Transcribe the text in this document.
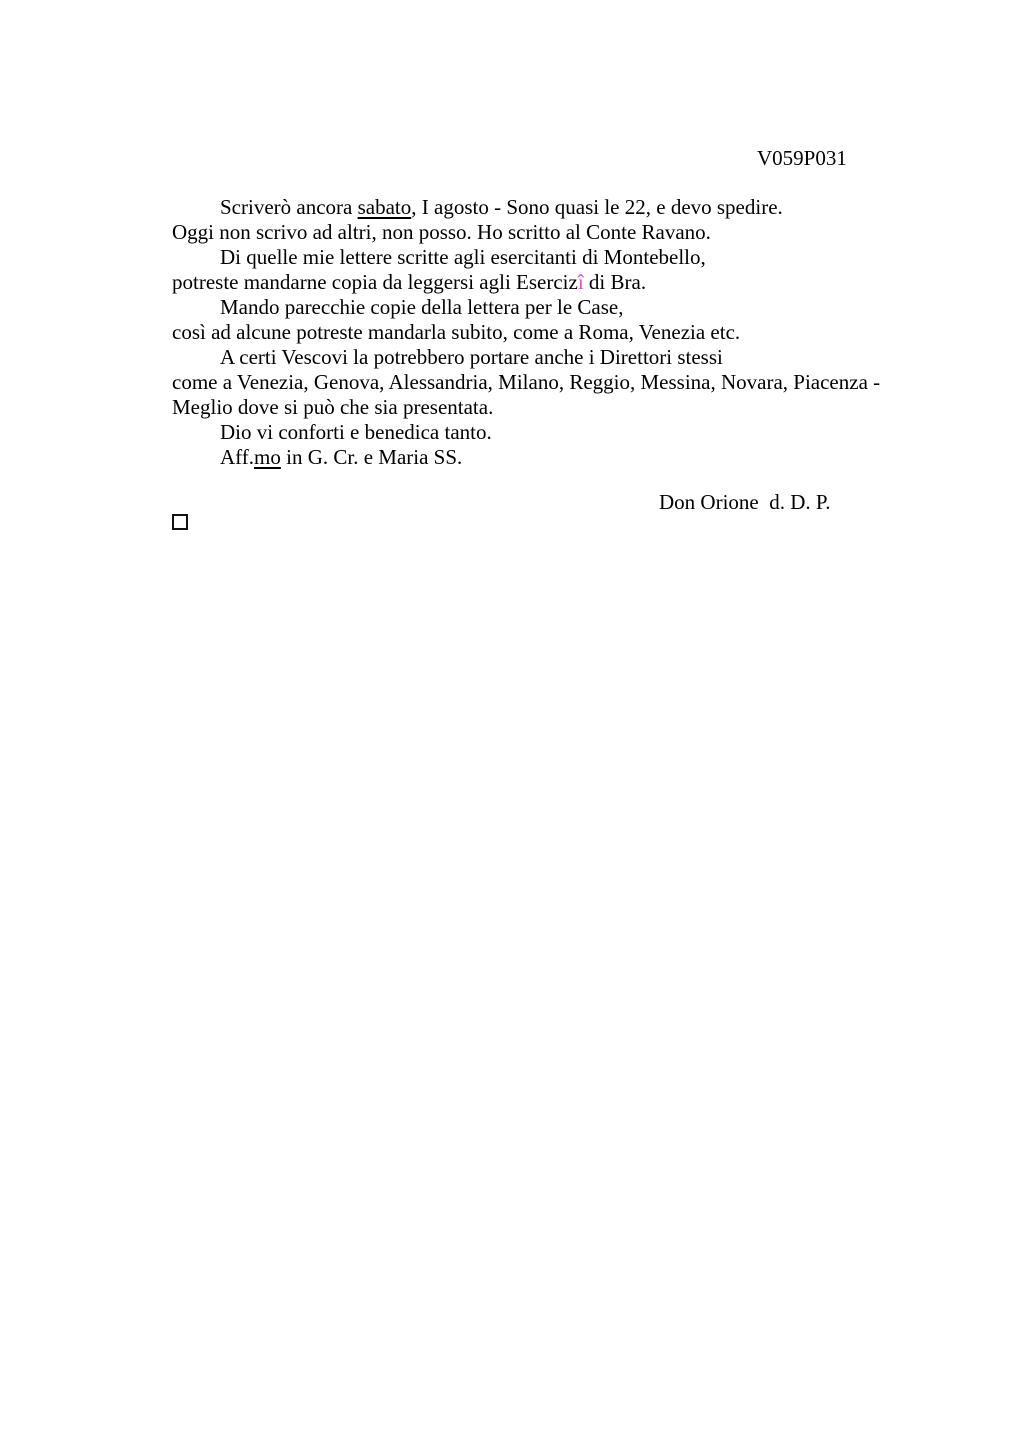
V059P031
Scriverò ancora sabato, I agosto - Sono quasi le 22, e devo spedire.
Oggi non scrivo ad altri, non posso. Ho scritto al Conte Ravano.
Di quelle mie lettere scritte agli esercitanti di Montebello,
potreste mandarne copia da leggersi agli Esercizî di Bra.
Mando parecchie copie della lettera per le Case,
così ad alcune potreste mandarla subito, come a Roma, Venezia etc.
A certi Vescovi la potrebbero portare anche i Direttori stessi
come a Venezia, Genova, Alessandria, Milano, Reggio, Messina, Novara, Piacenza -
Meglio dove si può che sia presentata.
Dio vi conforti e benedica tanto.
Aff.mo in G. Cr. e Maria SS.
Don Orione  d. D. P.
